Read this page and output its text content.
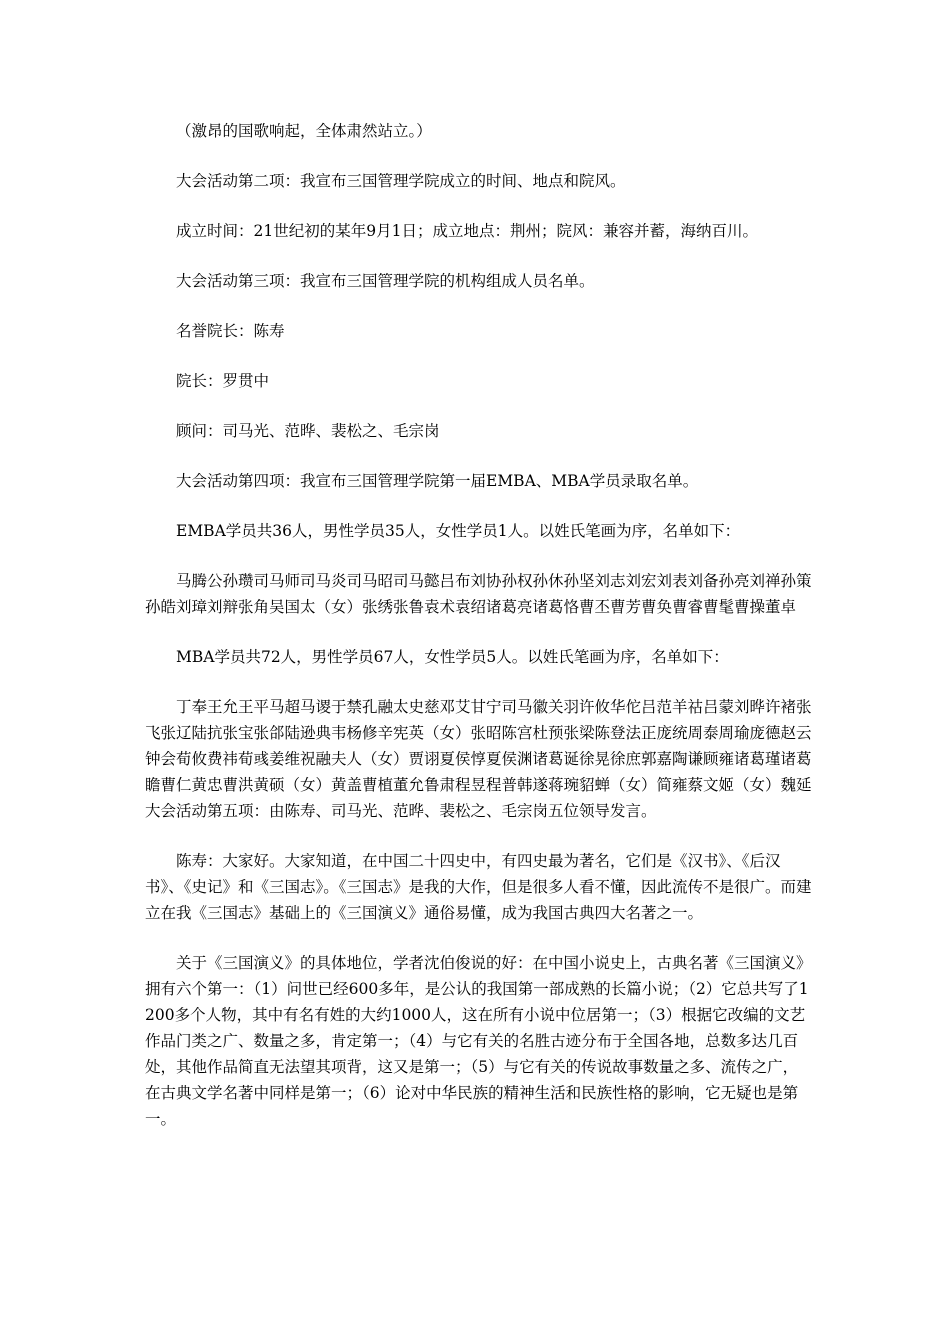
（激昂的国歌响起，全体肃然站立。）

大会活动第二项：我宣布三国管理学院成立的时间、地点和院风。

成立时间：21世纪初的某年9月1日；成立地点：荆州；院风：兼容并蓄，海纳百川。

大会活动第三项：我宣布三国管理学院的机构组成人员名单。

名誉院长：陈寿

院长：罗贯中

顾问：司马光、范晔、裴松之、毛宗岗

大会活动第四项：我宣布三国管理学院第一届EMBA、MBA学员录取名单。

EMBA学员共36人，男性学员35人，女性学员1人。以姓氏笔画为序，名单如下：

马腾公孙瓒司马师司马炎司马昭司马懿吕布刘协孙权孙休孙坚刘志刘宏刘表刘备孙亮刘禅孙策孙皓刘璋刘辩张角吴国太（女）张绣张鲁袁术袁绍诸葛亮诸葛恪曹丕曹芳曹奂曹睿曹髦曹操董卓

MBA学员共72人，男性学员67人，女性学员5人。以姓氏笔画为序，名单如下：

丁奉王允王平马超马谡于禁孔融太史慈邓艾甘宁司马徽关羽许攸华佗吕范羊祜吕蒙刘晔许褚张飞张辽陆抗张宝张郃陆逊典韦杨修辛宪英（女）张昭陈宫杜预张梁陈登法正庞统周泰周瑜庞德赵云钟会荀攸费祎荀彧姜维祝融夫人（女）贾诩夏侯惇夏侯渊诸葛诞徐晃徐庶郭嘉陶谦顾雍诸葛瑾诸葛瞻曹仁黄忠曹洪黄硕（女）黄盖曹植董允鲁肃程昱程普韩遂蒋琬貂蝉（女）简雍蔡文姬（女）魏延大会活动第五项：由陈寿、司马光、范晔、裴松之、毛宗岗五位领导发言。

陈寿：大家好。大家知道，在中国二十四史中，有四史最为著名，它们是《汉书》、《后汉书》、《史记》和《三国志》。《三国志》是我的大作，但是很多人看不懂，因此流传不是很广。而建立在我《三国志》基础上的《三国演义》通俗易懂，成为我国古典四大名著之一。

关于《三国演义》的具体地位，学者沈伯俊说的好：在中国小说史上，古典名著《三国演义》拥有六个第一：（1）问世已经600多年，是公认的我国第一部成熟的长篇小说；（2）它总共写了1200多个人物，其中有名有姓的大约1000人，这在所有小说中位居第一；（3）根据它改编的文艺作品门类之广、数量之多，肯定第一；（4）与它有关的名胜古迹分布于全国各地，总数多达几百处，其他作品简直无法望其项背，这又是第一；（5）与它有关的传说故事数量之多、流传之广，在古典文学名著中同样是第一；（6）论对中华民族的精神生活和民族性格的影响，它无疑也是第一。
